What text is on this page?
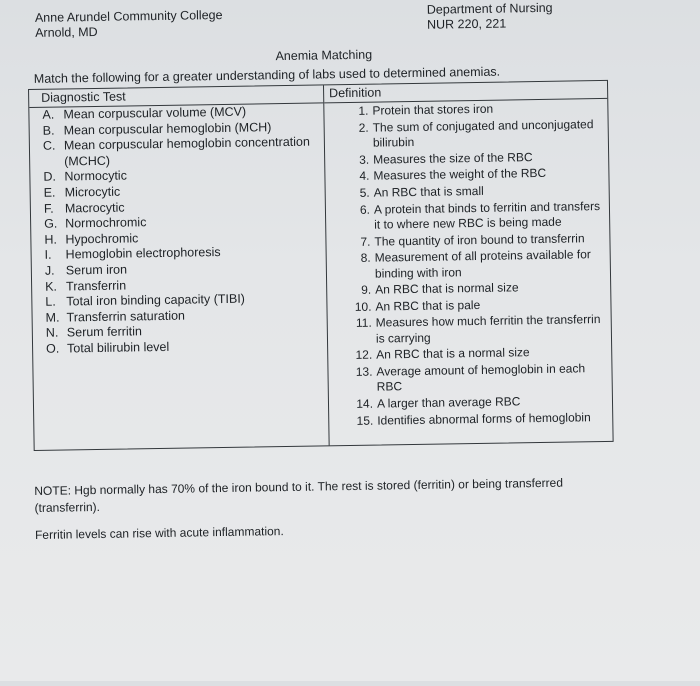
Anne Arundel Community College
Arnold, MD
Department of Nursing
NUR 220, 221
Anemia Matching
Match the following for a greater understanding of labs used to determined anemias.
Diagnostic Test
A. Mean corpuscular volume (MCV)
B. Mean corpuscular hemoglobin (MCH)
C. Mean corpuscular hemoglobin concentration (MCHC)
D. Normocytic
E. Microcytic
F. Macrocytic
G. Normochromic
H. Hypochromic
I. Hemoglobin electrophoresis
J. Serum iron
K. Transferrin
L. Total iron binding capacity (TIBI)
M. Transferrin saturation
N. Serum ferritin
O. Total bilirubin level
Definition
1. Protein that stores iron
2. The sum of conjugated and unconjugated bilirubin
3. Measures the size of the RBC
4. Measures the weight of the RBC
5. An RBC that is small
6. A protein that binds to ferritin and transfers it to where new RBC is being made
7. The quantity of iron bound to transferrin
8. Measurement of all proteins available for binding with iron
9. An RBC that is normal size
10. An RBC that is pale
11. Measures how much ferritin the transferrin is carrying
12. An RBC that is a normal size
13. Average amount of hemoglobin in each RBC
14. A larger than average RBC
15. Identifies abnormal forms of hemoglobin
NOTE: Hgb normally has 70% of the iron bound to it. The rest is stored (ferritin) or being transferred (transferrin).
Ferritin levels can rise with acute inflammation.
